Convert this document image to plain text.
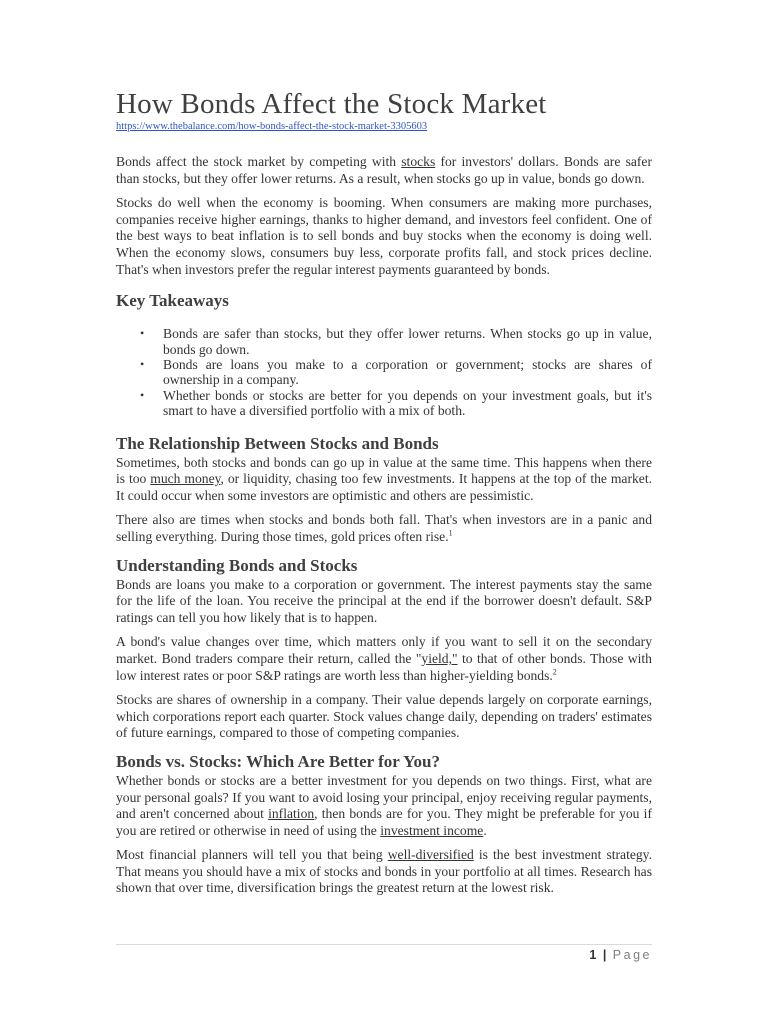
How Bonds Affect the Stock Market
https://www.thebalance.com/how-bonds-affect-the-stock-market-3305603

Bonds affect the stock market by competing with stocks for investors' dollars. Bonds are safer than stocks, but they offer lower returns. As a result, when stocks go up in value, bonds go down.

Stocks do well when the economy is booming. When consumers are making more purchases, companies receive higher earnings, thanks to higher demand, and investors feel confident. One of the best ways to beat inflation is to sell bonds and buy stocks when the economy is doing well. When the economy slows, consumers buy less, corporate profits fall, and stock prices decline. That's when investors prefer the regular interest payments guaranteed by bonds.

Key Takeaways
• Bonds are safer than stocks, but they offer lower returns. When stocks go up in value, bonds go down.
• Bonds are loans you make to a corporation or government; stocks are shares of ownership in a company.
• Whether bonds or stocks are better for you depends on your investment goals, but it's smart to have a diversified portfolio with a mix of both.
The Relationship Between Stocks and Bonds

Sometimes, both stocks and bonds can go up in value at the same time. This happens when there is too much money, or liquidity, chasing too few investments. It happens at the top of the market. It could occur when some investors are optimistic and others are pessimistic.

There also are times when stocks and bonds both fall. That's when investors are in a panic and selling everything. During those times, gold prices often rise.$^1$

Understanding Bonds and Stocks

Bonds are loans you make to a corporation or government. The interest payments stay the same for the life of the loan. You receive the principal at the end if the borrower doesn't default. S&P ratings can tell you how likely that is to happen.

A bond's value changes over time, which matters only if you want to sell it on the secondary market. Bond traders compare their return, called the "yield," to that of other bonds. Those with low interest rates or poor S&P ratings are worth less than higher-yielding bonds.$^2$

Stocks are shares of ownership in a company. Their value depends largely on corporate earnings, which corporations report each quarter. Stock values change daily, depending on traders' estimates of future earnings, compared to those of competing companies.

Bonds vs. Stocks: Which Are Better for You?

Whether bonds or stocks are a better investment for you depends on two things. First, what are your personal goals? If you want to avoid losing your principal, enjoy receiving regular payments, and aren't concerned about inflation, then bonds are for you. They might be preferable for you if you are retired or otherwise in need of using the investment income.

Most financial planners will tell you that being well-diversified is the best investment strategy. That means you should have a mix of stocks and bonds in your portfolio at all times. Research has shown that over time, diversification brings the greatest return at the lowest risk.

1 | Page
